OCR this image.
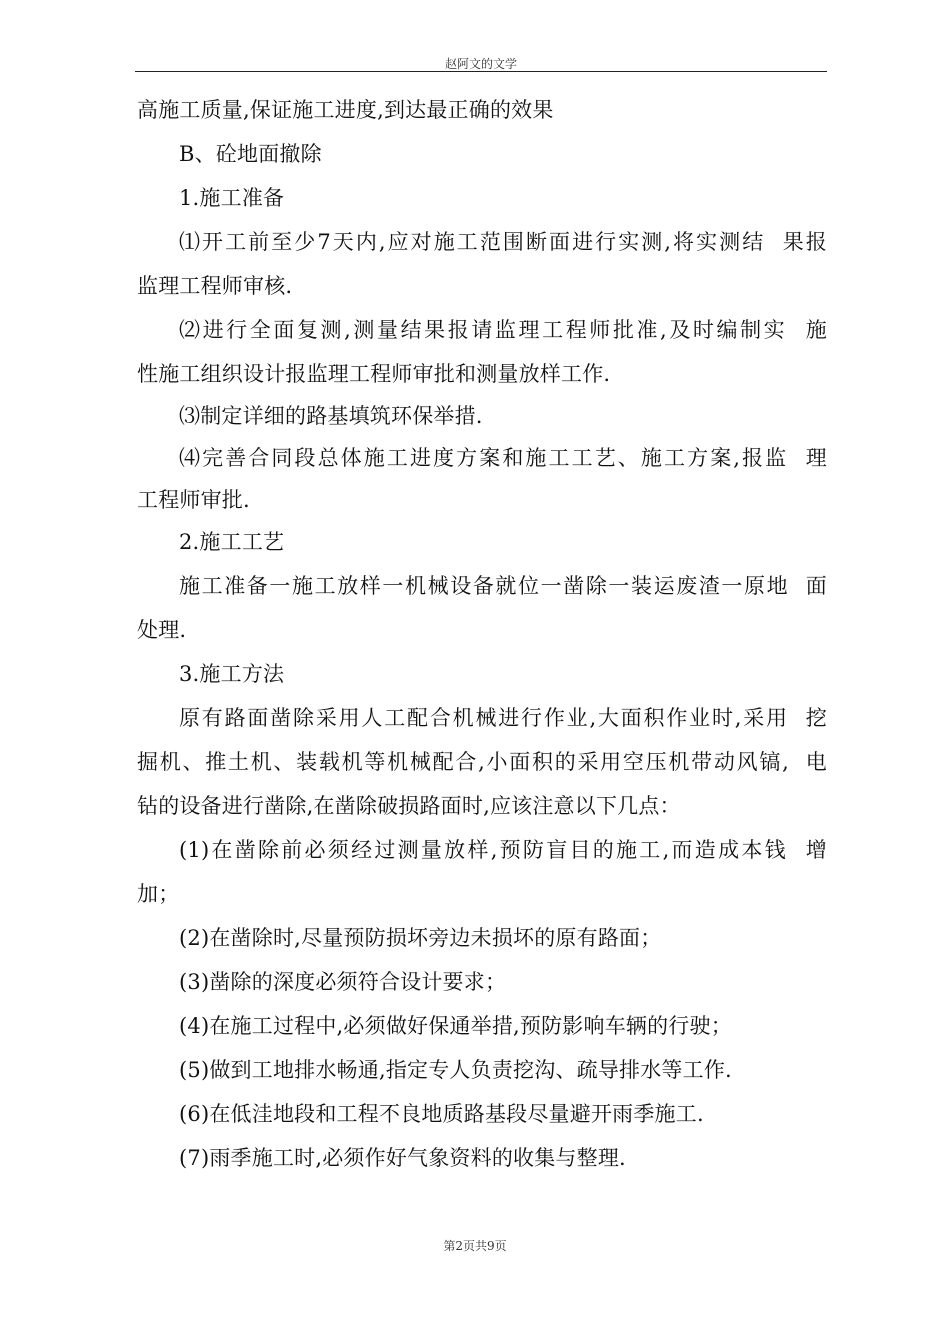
赵阿文的文学
高施工质量,保证施工进度,到达最正确的效果
B、砼地面撤除
1.施工准备
⑴开工前至少7天内,应对施工范围断面进行实测,将实测结  果报
监理工程师审核.
⑵进行全面复测,测量结果报请监理工程师批准,及时编制实  施
性施工组织设计报监理工程师审批和测量放样工作.
⑶制定详细的路基填筑环保举措.
⑷完善合同段总体施工进度方案和施工工艺、施工方案,报监  理
工程师审批.
2.施工工艺
施工准备一施工放样一机械设备就位一凿除一装运废渣一原地  面
处理.
3.施工方法
原有路面凿除采用人工配合机械进行作业,大面积作业时,采用  挖
掘机、推土机、装载机等机械配合,小面积的采用空压机带动风镐,  电
钻的设备进行凿除,在凿除破损路面时,应该注意以下几点：
(1)在凿除前必须经过测量放样,预防盲目的施工,而造成本钱  增
加；
(2)在凿除时,尽量预防损坏旁边未损坏的原有路面；
(3)凿除的深度必须符合设计要求；
(4)在施工过程中,必须做好保通举措,预防影响车辆的行驶；
(5)做到工地排水畅通,指定专人负责挖沟、疏导排水等工作.
(6)在低洼地段和工程不良地质路基段尽量避开雨季施工.
(7)雨季施工时,必须作好气象资料的收集与整理.
第2页共9页
